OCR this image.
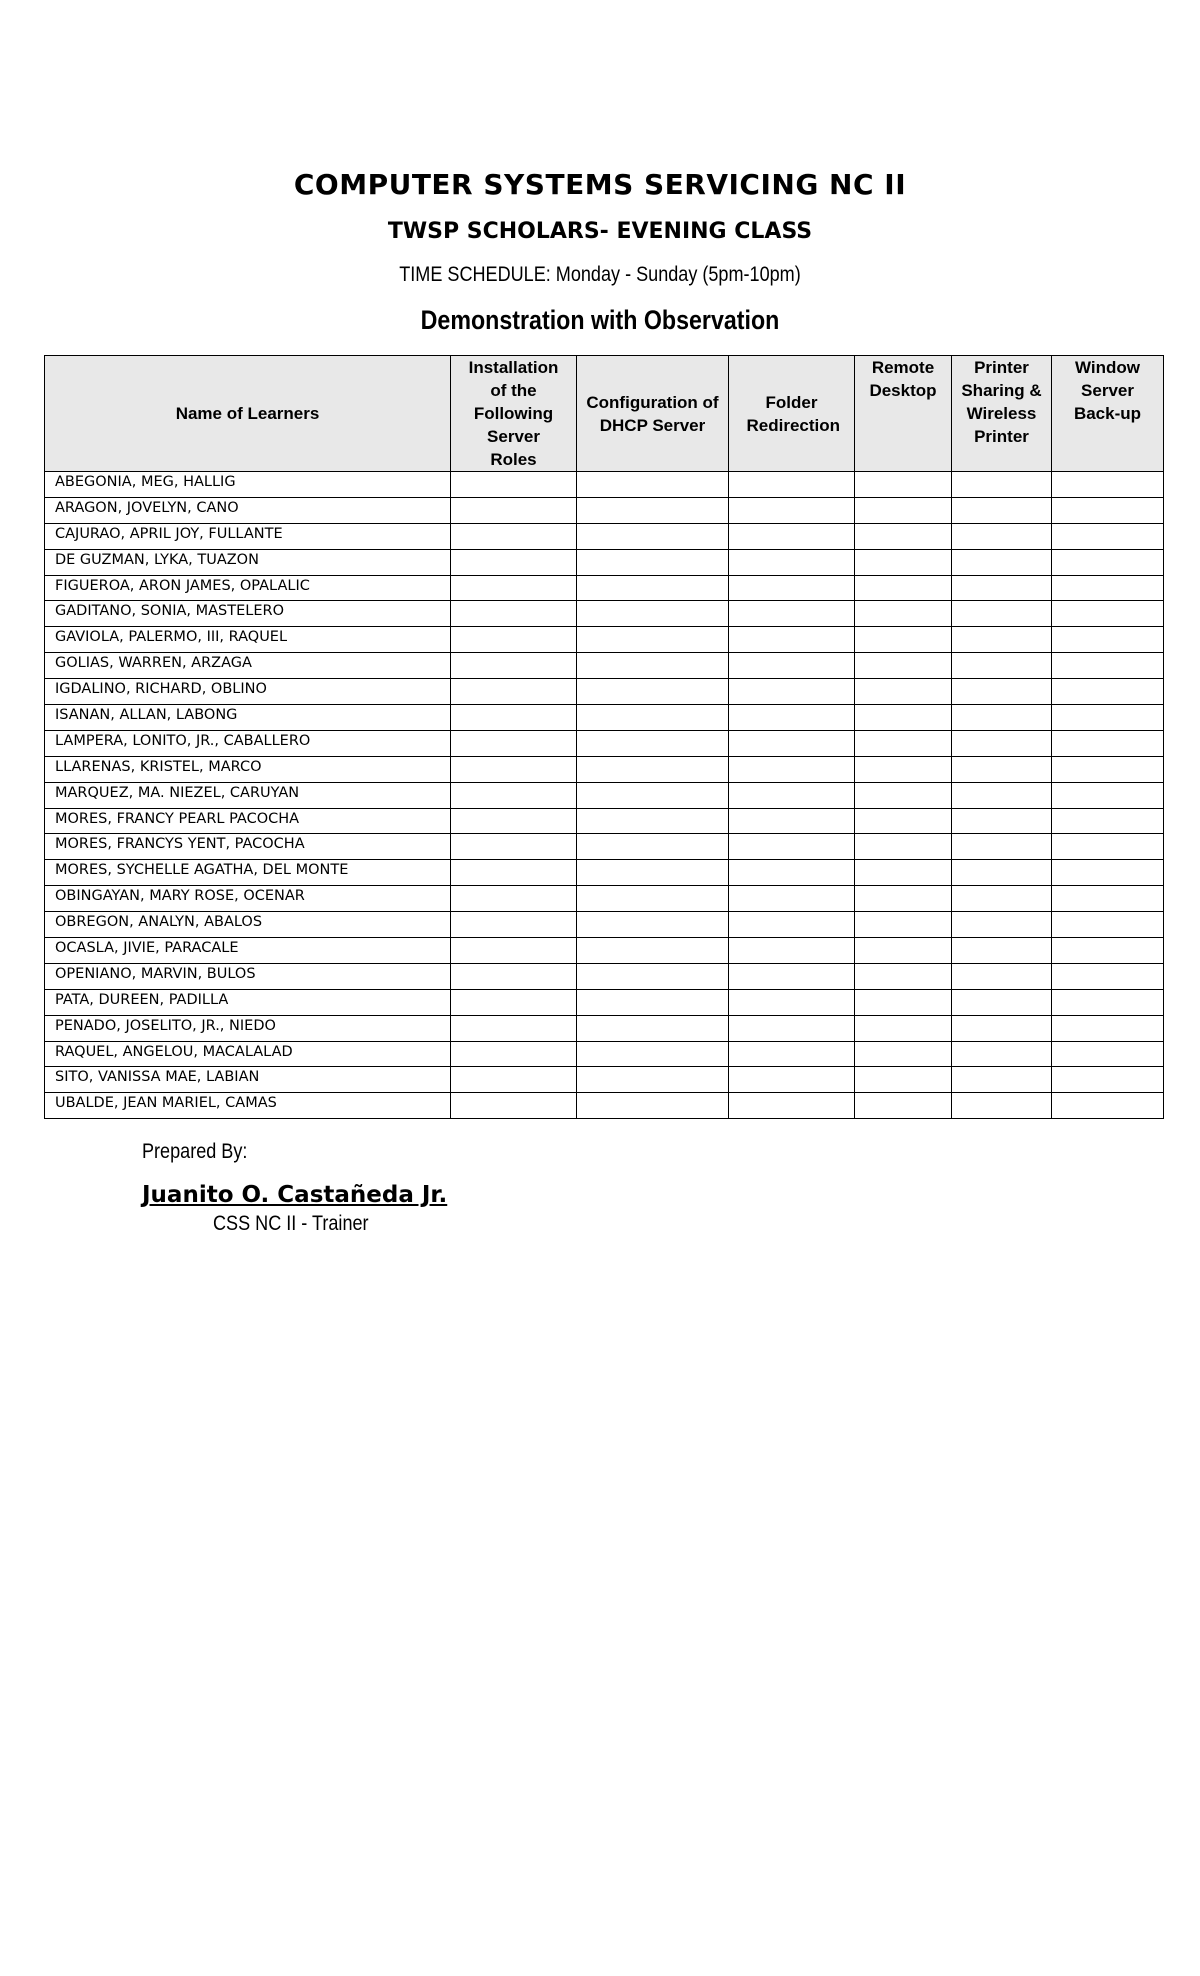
COMPUTER SYSTEMS SERVICING NC II
TWSP SCHOLARS- EVENING CLASS
TIME SCHEDULE: Monday - Sunday (5pm-10pm)
Demonstration with Observation
Name of Learners	Installation of the Following Server Roles	Configuration of DHCP Server	Folder Redirection	Remote Desktop	Printer Sharing & Wireless Printer	Window Server Back-up
ABEGONIA, MEG, HALLIG						
ARAGON, JOVELYN, CANO						
CAJURAO, APRIL JOY, FULLANTE						
DE GUZMAN, LYKA, TUAZON						
FIGUEROA, ARON JAMES, OPALALIC						
GADITANO, SONIA, MASTELERO						
GAVIOLA, PALERMO, III, RAQUEL						
GOLIAS, WARREN, ARZAGA						
IGDALINO, RICHARD, OBLINO						
ISANAN, ALLAN, LABONG						
LAMPERA, LONITO, JR., CABALLERO						
LLARENAS, KRISTEL, MARCO						
MARQUEZ, MA. NIEZEL, CARUYAN						
MORES, FRANCY PEARL PACOCHA						
MORES, FRANCYS YENT, PACOCHA						
MORES, SYCHELLE AGATHA, DEL MONTE						
OBINGAYAN, MARY ROSE, OCENAR						
OBREGON, ANALYN, ABALOS						
OCASLA, JIVIE, PARACALE						
OPENIANO, MARVIN, BULOS						
PATA, DUREEN, PADILLA						
PENADO, JOSELITO, JR., NIEDO						
RAQUEL, ANGELOU, MACALALAD						
SITO, VANISSA MAE, LABIAN						
UBALDE, JEAN MARIEL, CAMAS						
Prepared By:
Juanito O. Castañeda Jr.
CSS NC II - Trainer
